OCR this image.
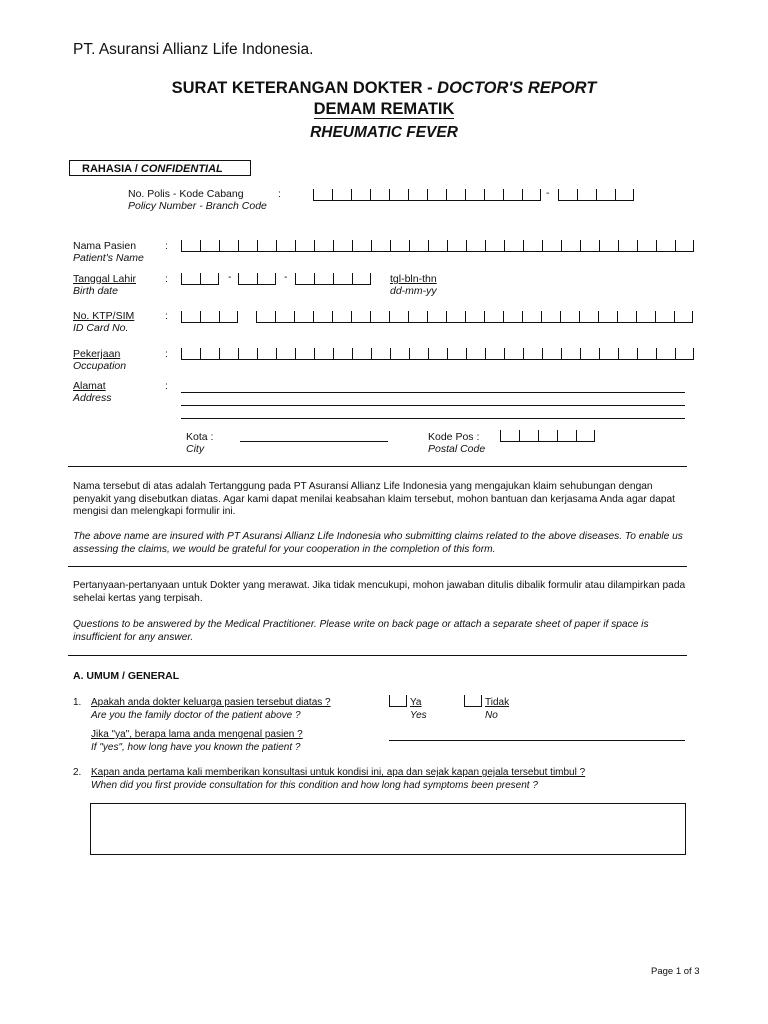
PT. Asuransi Allianz Life Indonesia.
SURAT KETERANGAN DOKTER - DOCTOR'S REPORT
DEMAM REMATIK
RHEUMATIC FEVER
RAHASIA / CONFIDENTIAL
No. Polis - Kode Cabang
Policy Number - Branch Code
:	-
Nama Pasien
Patient's Name
:
Tanggal Lahir
Birth date
:	-	-	tgl-bln-thn
dd-mm-yy
No. KTP/SIM
ID Card No.
:
Pekerjaan
Occupation
:
Alamat
Address
:
Kota :
City
Kode Pos :
Postal Code
Nama tersebut di atas adalah Tertanggung pada PT Asuransi Allianz Life Indonesia yang mengajukan klaim sehubungan dengan penyakit yang disebutkan diatas. Agar kami dapat menilai keabsahan klaim tersebut, mohon bantuan dan kerjasama Anda agar dapat mengisi dan melengkapi formulir ini.
The above name are insured with PT Asuransi Allianz Life Indonesia who submitting claims related to the above diseases. To enable us assessing the claims, we would be grateful for your cooperation in the completion of this form.
Pertanyaan-pertanyaan untuk Dokter yang merawat. Jika tidak mencukupi, mohon jawaban ditulis dibalik formulir atau dilampirkan pada sehelai kertas yang terpisah.
Questions to be answered by the Medical Practitioner. Please write on back page or attach a separate sheet of paper if space is insufficient for any answer.
A. UMUM / GENERAL
1. Apakah anda dokter keluarga pasien tersebut diatas ?
Are you the family doctor of the patient above ?
Ya
Yes
Tidak
No
Jika "ya", berapa lama anda mengenal pasien ?
If "yes", how long have you known the patient ?
2. Kapan anda pertama kali memberikan konsultasi untuk kondisi ini, apa dan sejak kapan gejala tersebut timbul ?
When did you first provide consultation for this condition and how long had symptoms been present ?
Page 1 of 3
